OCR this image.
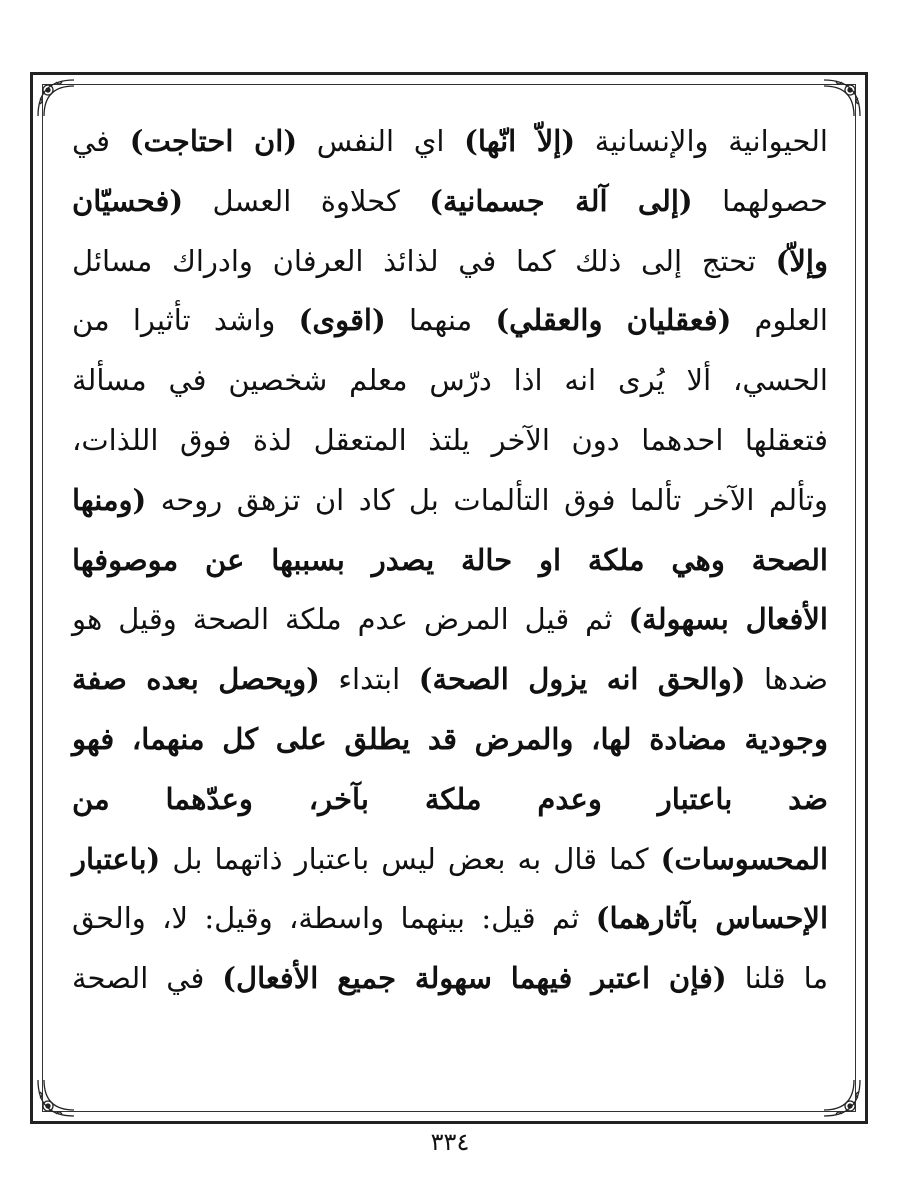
الحيوانية والإنسانية (إلاّ انّها) اي النفس (ان احتاجت) في
حصولهما (إلى آلة جسمانية) كحلاوة العسل (فحسيّان
وإلاّ) تحتج إلى ذلك كما في لذائذ العرفان وادراك مسائل
العلوم (فعقليان والعقلي) منهما (اقوى) واشد تأثيرا من
الحسي، ألا يُرى انه اذا درّس معلم شخصين في مسألة
فتعقلها احدهما دون الآخر يلتذ المتعقل لذة فوق اللذات،
وتألم الآخر تألما فوق التألمات بل كاد ان تزهق روحه (ومنها
الصحة وهي ملكة او حالة يصدر بسببها عن موصوفها
الأفعال بسهولة) ثم قيل المرض عدم ملكة الصحة وقيل هو
ضدها (والحق انه يزول الصحة) ابتداء (ويحصل بعده صفة
وجودية مضادة لها، والمرض قد يطلق على كل منهما، فهو
ضد باعتبار وعدم ملكة بآخر، وعدّهما من
المحسوسات) كما قال به بعض ليس باعتبار ذاتهما بل (باعتبار
الإحساس بآثارهما) ثم قيل: بينهما واسطة، وقيل: لا، والحق
ما قلنا (فإن اعتبر فيهما سهولة جميع الأفعال) في الصحة
٣٣٤
